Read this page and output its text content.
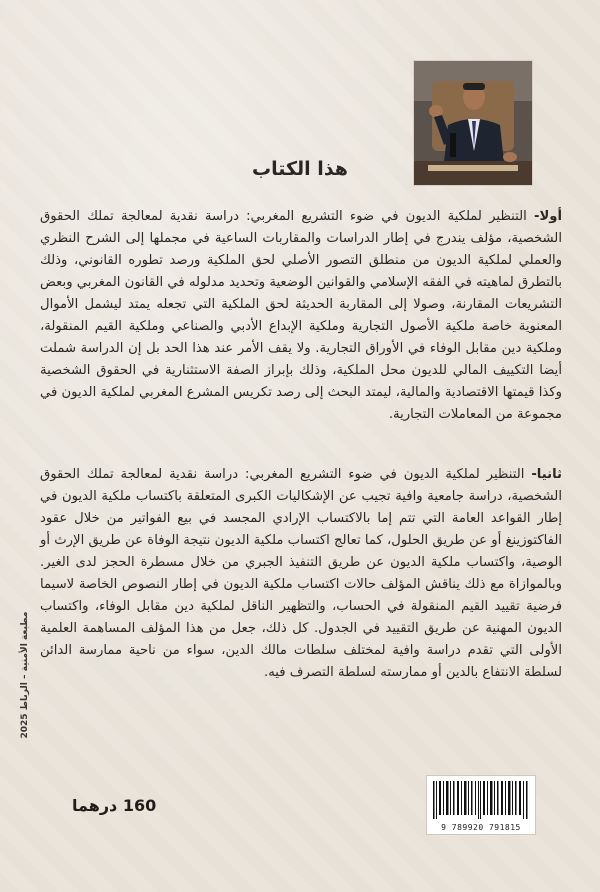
هذا الكتاب
أولا- التنظير لملكية الديون في ضوء التشريع المغربي: دراسة نقدية لمعالجة تملك الحقوق الشخصية، مؤلف يندرج في إطار الدراسات والمقاربات الساعية في مجملها إلى الشرح النظري والعملي لملكية الديون من منطلق التصور الأصلي لحق الملكية ورصد تطوره القانوني، وذلك بالتطرق لماهيته في الفقه الإسلامي والقوانين الوضعية وتحديد مدلوله في القانون المغربي وبعض التشريعات المقارنة، وصولا إلى المقاربة الحديثة لحق الملكية التي تجعله يمتد ليشمل الأموال المعنوية خاصة ملكية الأصول التجارية وملكية الإبداع الأدبي والصناعي وملكية القيم المنقولة، وملكية دين مقابل الوفاء في الأوراق التجارية. ولا يقف الأمر عند هذا الحد بل إن الدراسة شملت أيضا التكييف المالي للديون محل الملكية، وذلك بإبراز الصفة الاستثنارية في الحقوق الشخصية وكذا قيمتها الاقتصادية والمالية، ليمتد البحث إلى رصد تكريس المشرع المغربي لملكية الديون في مجموعة من المعاملات التجارية.
ثانيا- التنظير لملكية الديون في ضوء التشريع المغربي: دراسة نقدية لمعالجة تملك الحقوق الشخصية، دراسة جامعية وافية تجيب عن الإشكاليات الكبرى المتعلقة باكتساب ملكية الديون في إطار القواعد العامة التي تتم إما بالاكتساب الإرادي المجسد في بيع الفواتير من خلال عقود الفاكتوزينغ أو عن طريق الحلول، كما تعالج اكتساب ملكية الديون نتيجة الوفاة عن طريق الإرث أو الوصية، واكتساب ملكية الديون عن طريق التنفيذ الجبري من خلال مسطرة الحجز لدى الغير. وبالموازاة مع ذلك يناقش المؤلف حالات اكتساب ملكية الديون في إطار النصوص الخاصة لاسيما فرضية تقييد القيم المنقولة في الحساب، والتظهير الناقل لملكية دين مقابل الوفاء، واكتساب الديون المهنية عن طريق التقييد في الجدول. كل ذلك، جعل من هذا المؤلف المساهمة العلمية الأولى التي تقدم دراسة وافية لمختلف سلطات مالك الدين، سواء من ناحية ممارسة الدائن لسلطة الانتفاع بالدين أو ممارسته لسلطة التصرف فيه.
مطبعة الأمنية – الرباط 2025
9 789920 791815
160 درهما
